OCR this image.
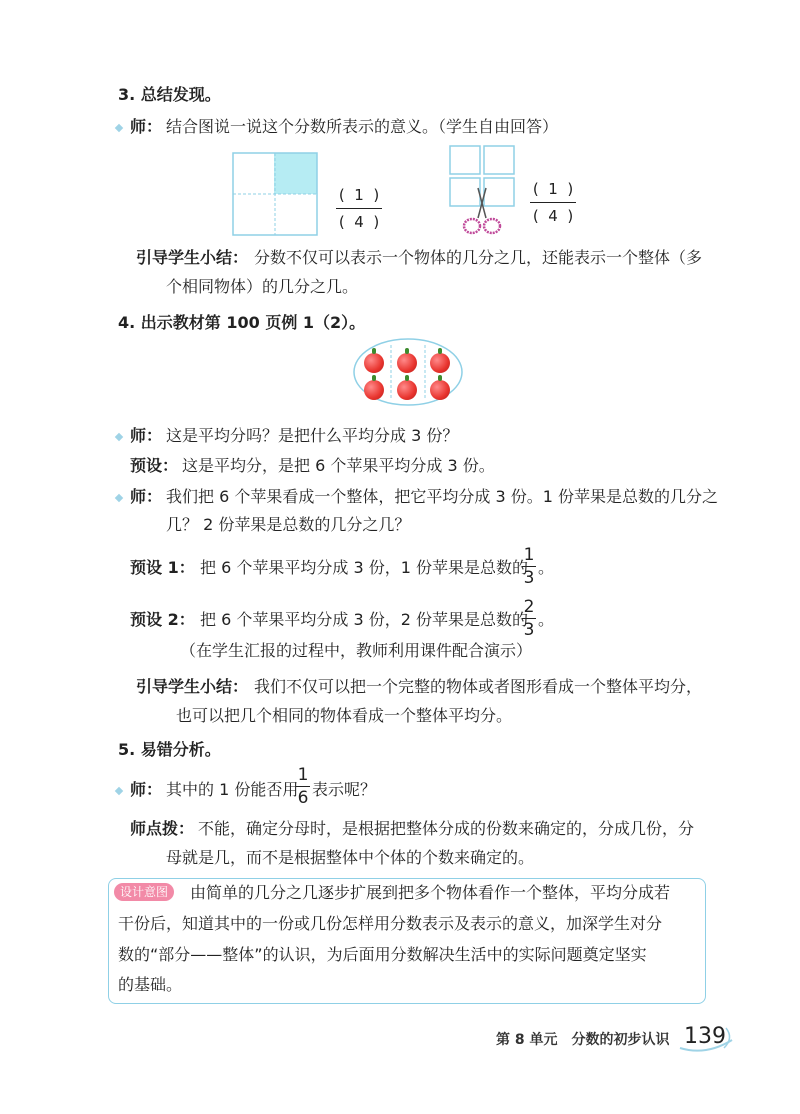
3. 总结发现。
师： 结合图说一说这个分数所表示的意义。（学生自由回答）
( 1 )
( 4 )
( 1 )
( 4 )
引导学生小结： 分数不仅可以表示一个物体的几分之几，还能表示一个整体（多
个相同物体）的几分之几。
4. 出示教材第 100 页例 1（2）。
师： 这是平均分吗？是把什么平均分成 3 份？
预设： 这是平均分，是把 6 个苹果平均分成 3 份。
师： 我们把 6 个苹果看成一个整体，把它平均分成 3 份。1 份苹果是总数的几分之
几？ 2 份苹果是总数的几分之几？
预设 1： 把 6 个苹果平均分成 3 份，1 份苹果是总数的
1
3
。
预设 2： 把 6 个苹果平均分成 3 份，2 份苹果是总数的
2
3
。
（在学生汇报的过程中，教师利用课件配合演示）
引导学生小结： 我们不仅可以把一个完整的物体或者图形看成一个整体平均分，
也可以把几个相同的物体看成一个整体平均分。
5. 易错分析。
师： 其中的 1 份能否用
1
6 表示呢？
师点拨： 不能，确定分母时，是根据把整体分成的份数来确定的，分成几份，分
母就是几，而不是根据整体中个体的个数来确定的。
设计意图	由简单的几分之几逐步扩展到把多个物体看作一个整体，平均分成若
干份后，知道其中的一份或几份怎样用分数表示及表示的意义，加深学生对分
数的“部分——整体”的认识，为后面用分数解决生活中的实际问题奠定坚实
的基础。
第 8 单元　分数的初步认识 139
